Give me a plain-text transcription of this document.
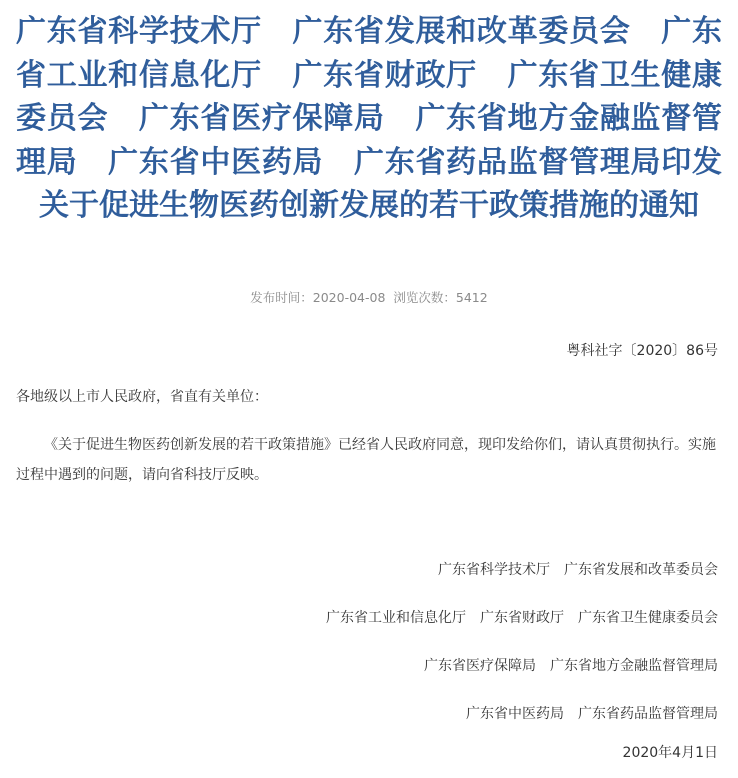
广东省科学技术厅　广东省发展和改革委员会　广东省工业和信息化厅　广东省财政厅　广东省卫生健康委员会　广东省医疗保障局　广东省地方金融监督管理局　广东省中医药局　广东省药品监督管理局印发关于促进生物医药创新发展的若干政策措施的通知
发布时间：2020-04-08 浏览次数：5412
粤科社字〔2020〕86号
各地级以上市人民政府，省直有关单位：

《关于促进生物医药创新发展的若干政策措施》已经省人民政府同意，现印发给你们，请认真贯彻执行。实施过程中遇到的问题，请向省科技厅反映。

广东省科学技术厅　广东省发展和改革委员会
广东省工业和信息化厅　广东省财政厅　广东省卫生健康委员会
广东省医疗保障局　广东省地方金融监督管理局
广东省中医药局　广东省药品监督管理局
2020年4月1日
